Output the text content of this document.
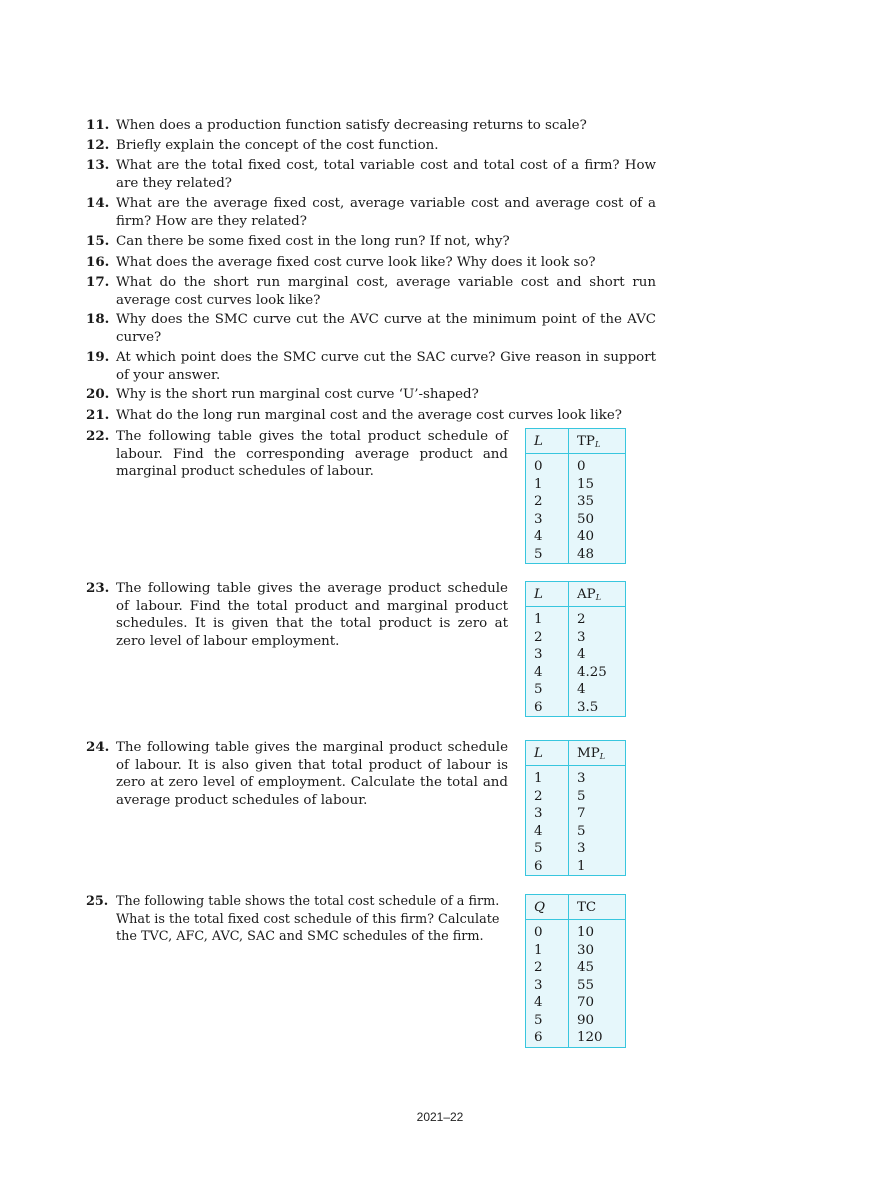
11. When does a production function satisfy decreasing returns to scale?
12. Briefly explain the concept of the cost function.
13. What are the total fixed cost, total variable cost and total cost of a firm? How are they related?
14. What are the average fixed cost, average variable cost and average cost of a firm? How are they related?
15. Can there be some fixed cost in the long run? If not, why?
16. What does the average fixed cost curve look like? Why does it look so?
17. What do the short run marginal cost, average variable cost and short run average cost curves look like?
18. Why does the SMC curve cut the AVC curve at the minimum point of the AVC curve?
19. At which point does the SMC curve cut the SAC curve? Give reason in support of your answer.
20. Why is the short run marginal cost curve ‘U’-shaped?
21. What do the long run marginal cost and the average cost curves look like?
22. The following table gives the total product schedule of labour. Find the corresponding average product and marginal product schedules of labour.
L	$TP_L$
0	0
1	15
2	35
3	50
4	40
5	48
23. The following table gives the average product schedule of labour. Find the total product and marginal product schedules. It is given that the total product is zero at zero level of labour employment.
L	$AP_L$
1	2
2	3
3	4
4	4.25
5	4
6	3.5
24. The following table gives the marginal product schedule of labour. It is also given that total product of labour is zero at zero level of employment. Calculate the total and average product schedules of labour.
L	$MP_L$
1	3
2	5
3	7
4	5
5	3
6	1
25. The following table shows the total cost schedule of a firm. What is the total fixed cost schedule of this firm? Calculate the TVC, AFC, AVC, SAC and SMC schedules of the firm.
Q	TC
0	10
1	30
2	45
3	55
4	70
5	90
6	120
2021–22
